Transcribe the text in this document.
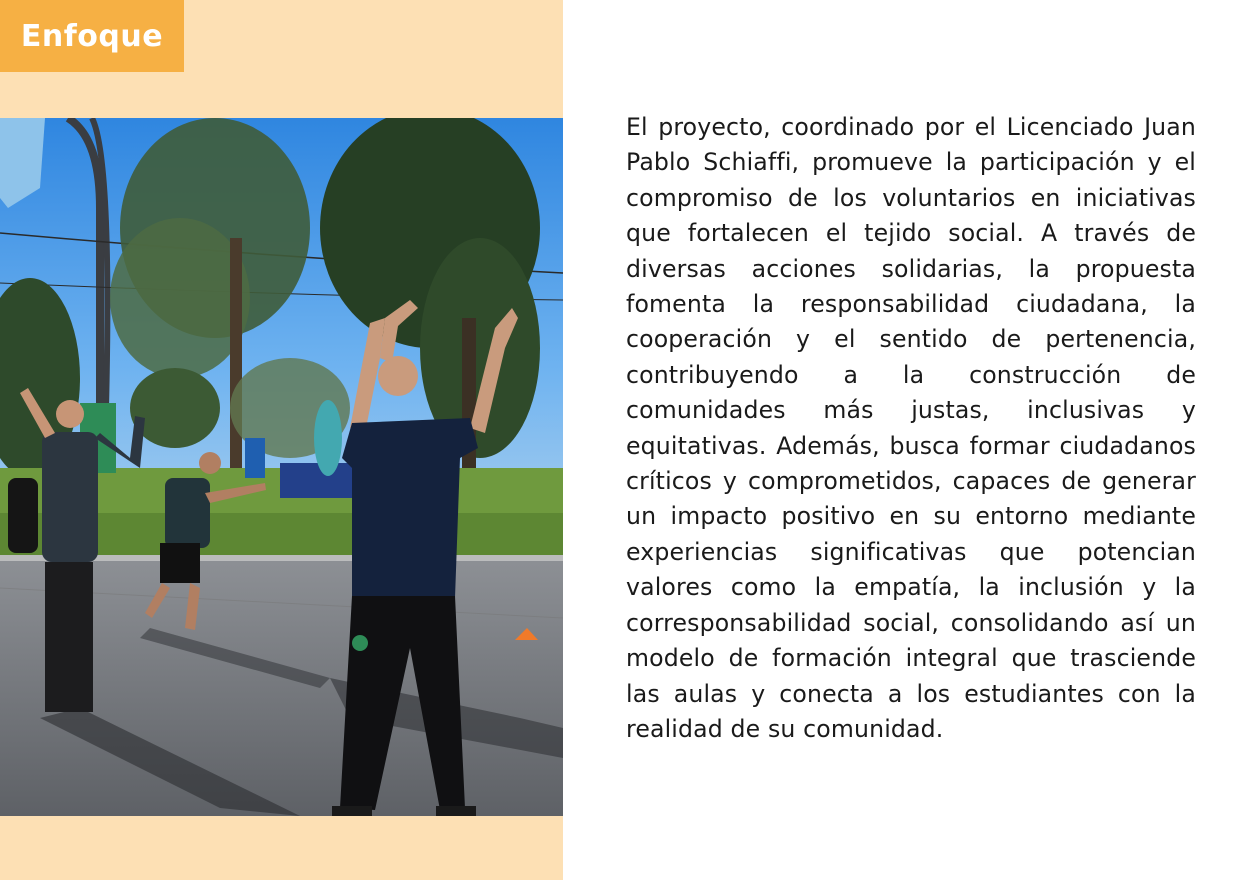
Enfoque

El proyecto, coordinado por el Licenciado Juan Pablo Schiaffi, promueve la participación y el compromiso de los voluntarios en iniciativas que fortalecen el tejido social. A través de diversas acciones solidarias, la propuesta fomenta la responsabilidad ciudadana, la cooperación y el sentido de pertenencia, contribuyendo a la construcción de comunidades más justas, inclusivas y equitativas. Además, busca formar ciudadanos críticos y comprometidos, capaces de generar un impacto positivo en su entorno mediante experiencias significativas que potencian valores como la empatía, la inclusión y la corresponsabilidad social, consolidando así un modelo de formación integral que trasciende las aulas y conecta a los estudiantes con la realidad de su comunidad.
